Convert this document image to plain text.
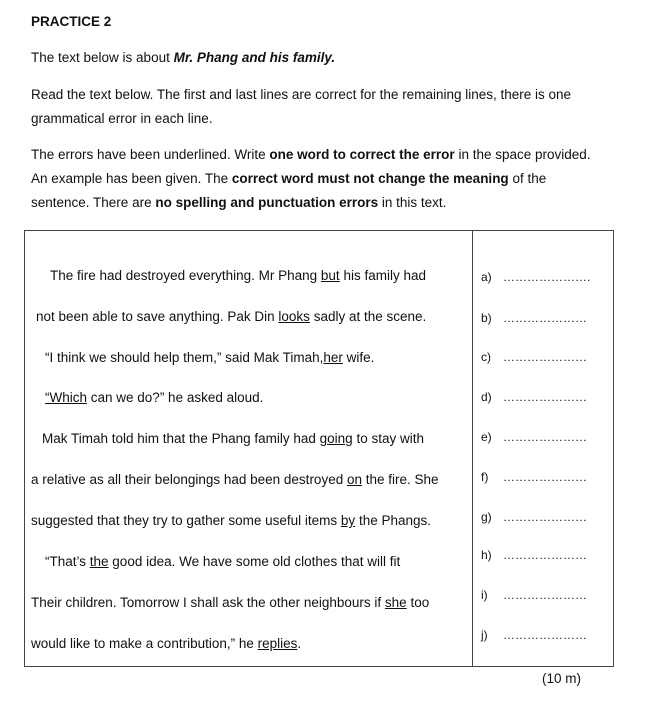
PRACTICE 2
The text below is about Mr. Phang and his family.
Read the text below. The first and last lines are correct for the remaining lines, there is one grammatical error in each line.
The errors have been underlined. Write one word to correct the error in the space provided. An example has been given. The correct word must not change the meaning of the sentence. There are no spelling and punctuation errors in this text.
The fire had destroyed everything. Mr Phang but his family had
not been able to save anything. Pak Din looks sadly at the scene.
“I think we should help them,” said Mak Timah,her wife.
“Which can we do?” he asked aloud.
Mak Timah told him that the Phang family had going to stay with
a relative as all their belongings had been destroyed on the fire. She
suggested that they try to gather some useful items by the Phangs.
“That’s the good idea. We have some old clothes that will fit
Their children. Tomorrow I shall ask the other neighbours if she too
would like to make a contribution,” he replies.
a) ………………….
b) …………………
c) …………………
d) …………………
e) …………………
f) …………………
g) …………………
h) …………………
i) …………………
j) …………………
(10 m)
